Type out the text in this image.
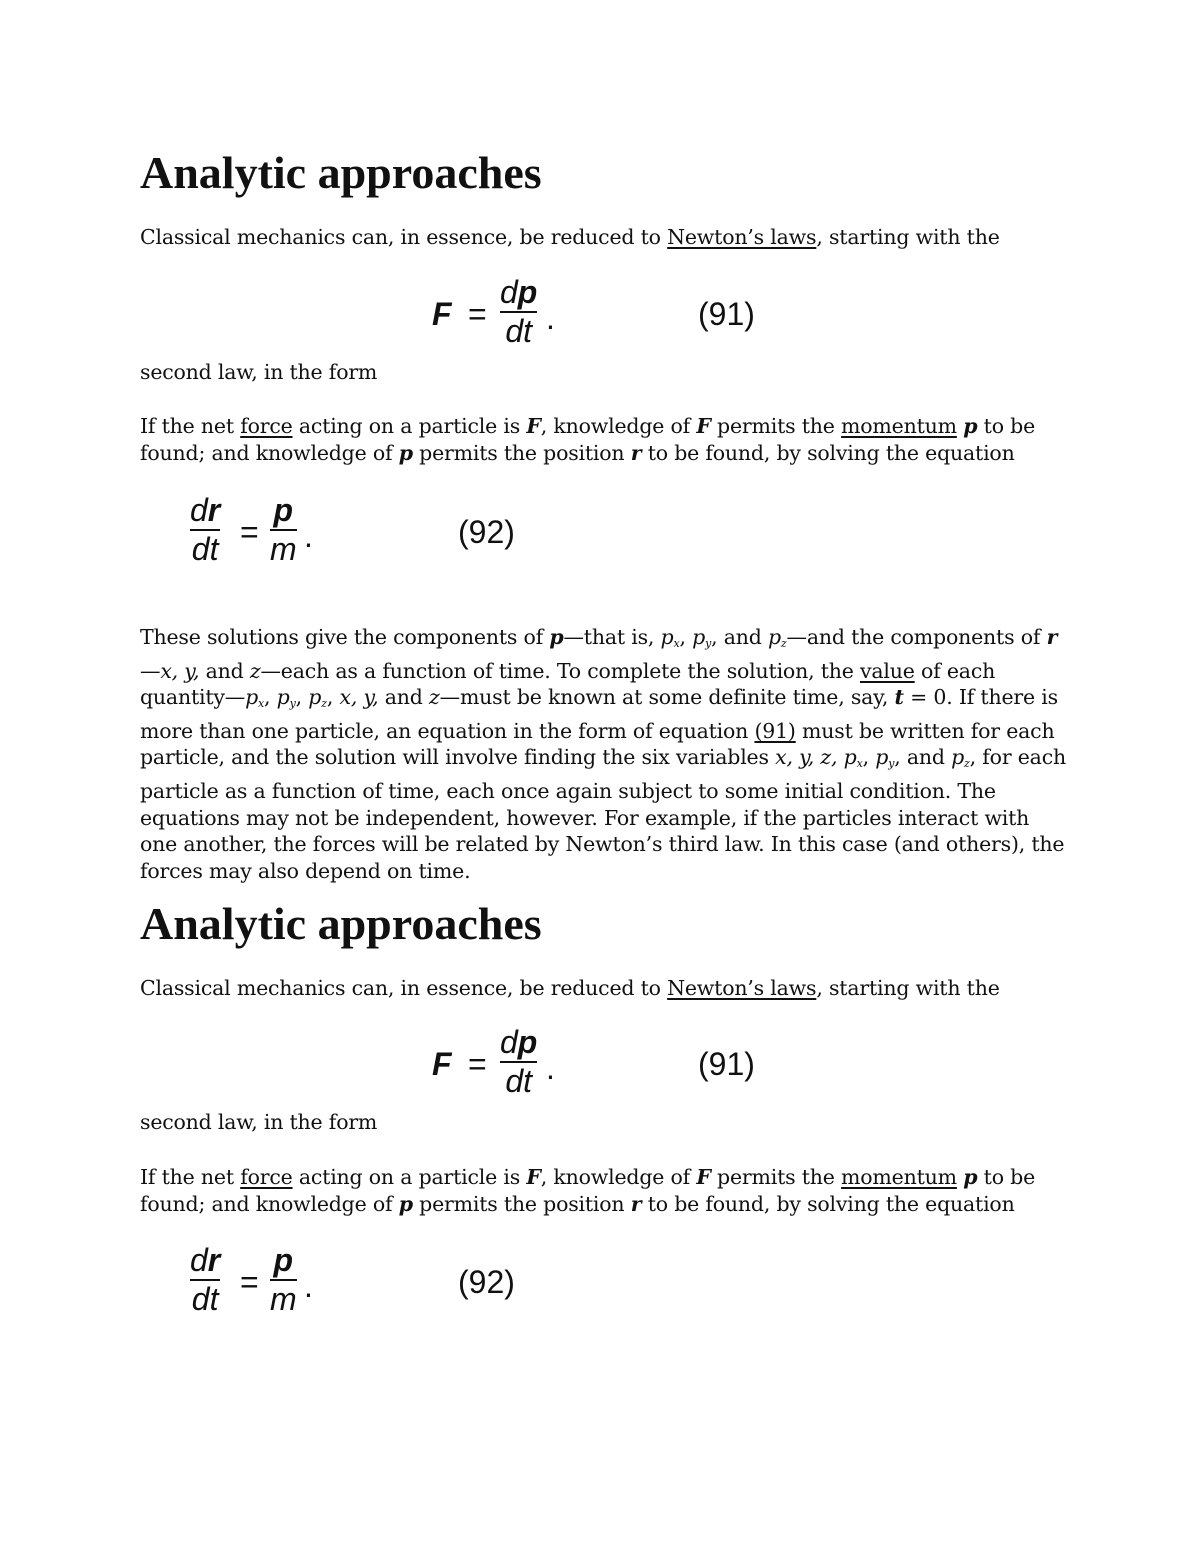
Analytic approaches

Classical mechanics can, in essence, be reduced to Newton’s laws, starting with the

F =
dp
dt .	(91)

second law, in the form

If the net force acting on a particle is F, knowledge of F permits the momentum p to be found; and knowledge of p permits the position r to be found, by solving the equation

dr
dt =
p
m .	(92)

These solutions give the components of p—that is, $p_x$, $p_y$, and $p_z—and$ the components of r—x, y, and z—each as a function of time. To complete the solution, the value of each $quantity—p_x$, $p_y$, $p_z$, x, y, and z—must be known at some definite time, say, t = 0. If there is more than one particle, an equation in the form of equation (91) must be written for each particle, and the solution will involve finding the six variables x, y, z, $p_x$, $p_y$, and $p_z$, for each particle as a function of time, each once again subject to some initial condition. The equations may not be independent, however. For example, if the particles interact with one another, the forces will be related by Newton’s third law. In this case (and others), the forces may also depend on time.

Analytic approaches

Classical mechanics can, in essence, be reduced to Newton’s laws, starting with the

F =
dp
dt .	(91)

second law, in the form

If the net force acting on a particle is F, knowledge of F permits the momentum p to be found; and knowledge of p permits the position r to be found, by solving the equation

dr
dt =
p
m .	(92)
